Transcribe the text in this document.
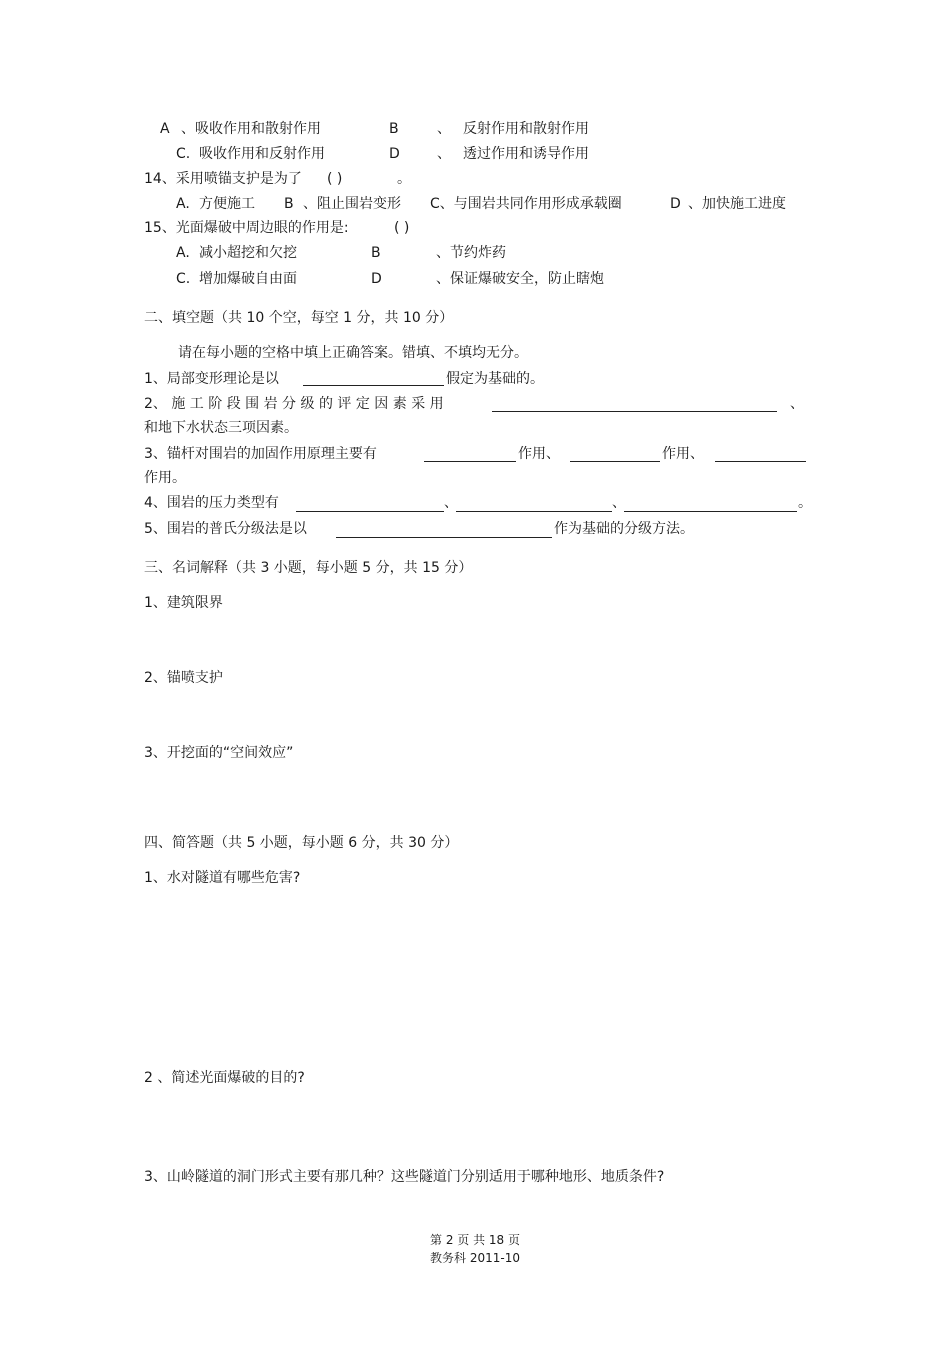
A 、吸收作用和散射作用	B	、 反射作用和散射作用
C. 吸收作用和反射作用	D	、 透过作用和诱导作用
14、采用喷锚支护是为了 ( )	。
A. 方便施工 B 、阻止围岩变形 C、与围岩共同作用形成承载圈	D 、加快施工进度
15、光面爆破中周边眼的作用是:	( )
A. 减小超挖和欠挖	B	、节约炸药
C. 增加爆破自由面	D	、保证爆破安全，防止瞎炮
二、填空题（共 10 个空，每空 1 分，共 10 分）
请在每小题的空格中填上正确答案。错填、不填均无分。
1、局部变形理论是以	假定为基础的。
2、 施 工 阶 段 围 岩 分 级 的 评 定 因 素 采 用	、
和地下水状态三项因素。
3、锚杆对围岩的加固作用原理主要有	作用、	作用、
作用。
4、围岩的压力类型有	、	、	。
5、围岩的普氏分级法是以	作为基础的分级方法。
三、名词解释（共 3 小题，每小题 5 分，共 15 分）
1、建筑限界
2、锚喷支护
3、开挖面的“空间效应”
四、简答题（共 5 小题，每小题 6 分，共 30 分）
1、水对隧道有哪些危害?
2 、简述光面爆破的目的?
3、山岭隧道的洞门形式主要有那几种？这些隧道门分别适用于哪种地形、地质条件?
第 2 页 共 18 页
教务科 2011-10
